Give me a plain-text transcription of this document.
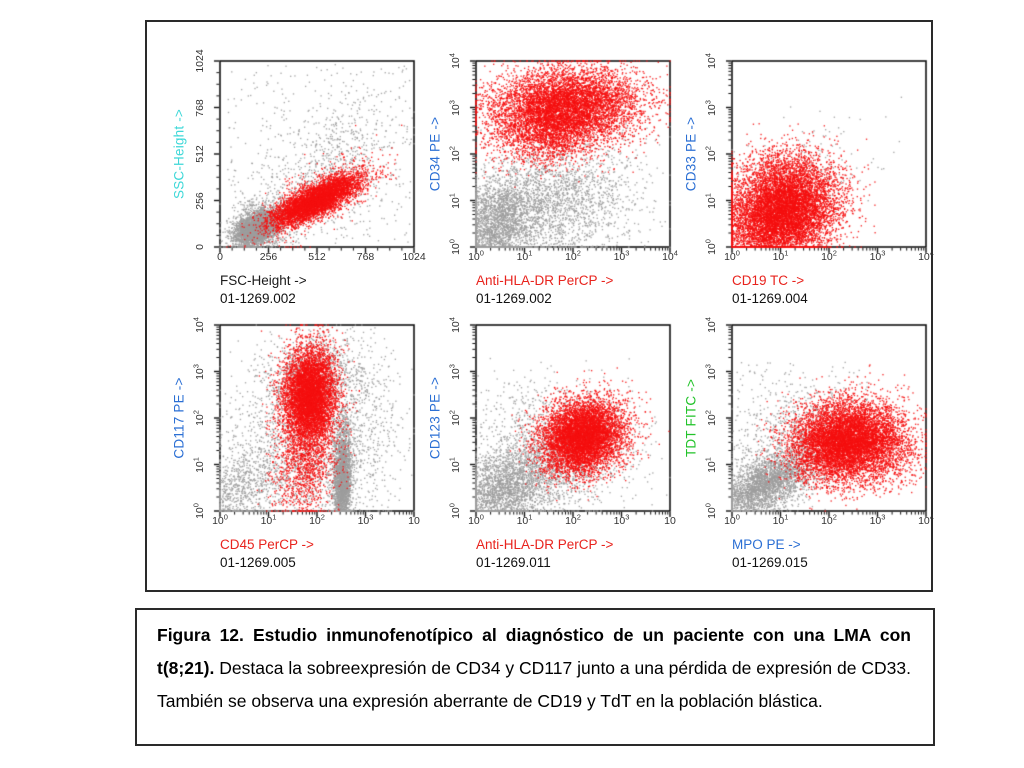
SSC-Height ->
0	256	512	768	1024
0
256
512
768
1024
FSC-Height ->
01-1269.002
CD34 PE ->
$10^0$	$10^1$	$10^2$	$10^3$	$10^4$
$10^0$
$10^1$
$10^2$
$10^3$
$10^4$
Anti-HLA-DR PerCP ->
01-1269.002
CD33 PE ->
$10^0$	$10^1$	$10^2$	$10^3$	$10^4$
$10^0$
$10^1$
$10^2$
$10^3$
$10^4$
CD19 TC ->
01-1269.004
CD117 PE ->
$10^0$	$10^1$	$10^2$	$10^3$	10
$10^0$
$10^1$
$10^2$
$10^3$
$10^4$
CD45 PerCP ->
01-1269.005
CD123 PE ->
$10^0$	$10^1$	$10^2$	$10^3$	10
$10^0$
$10^1$
$10^2$
$10^3$
$10^4$
Anti-HLA-DR PerCP ->
01-1269.011
TDT FITC ->
$10^0$	$10^1$	$10^2$	$10^3$	$10^4$
$10^0$
$10^1$
$10^2$
$10^3$
$10^4$
MPO PE ->
01-1269.015
Figura 12. Estudio inmunofenotípico al diagnóstico de un paciente con una LMA con t(8;21). Destaca la sobreexpresión de CD34 y CD117 junto a una pérdida de expresión de CD33. También se observa una expresión aberrante de CD19 y TdT en la población blástica.
